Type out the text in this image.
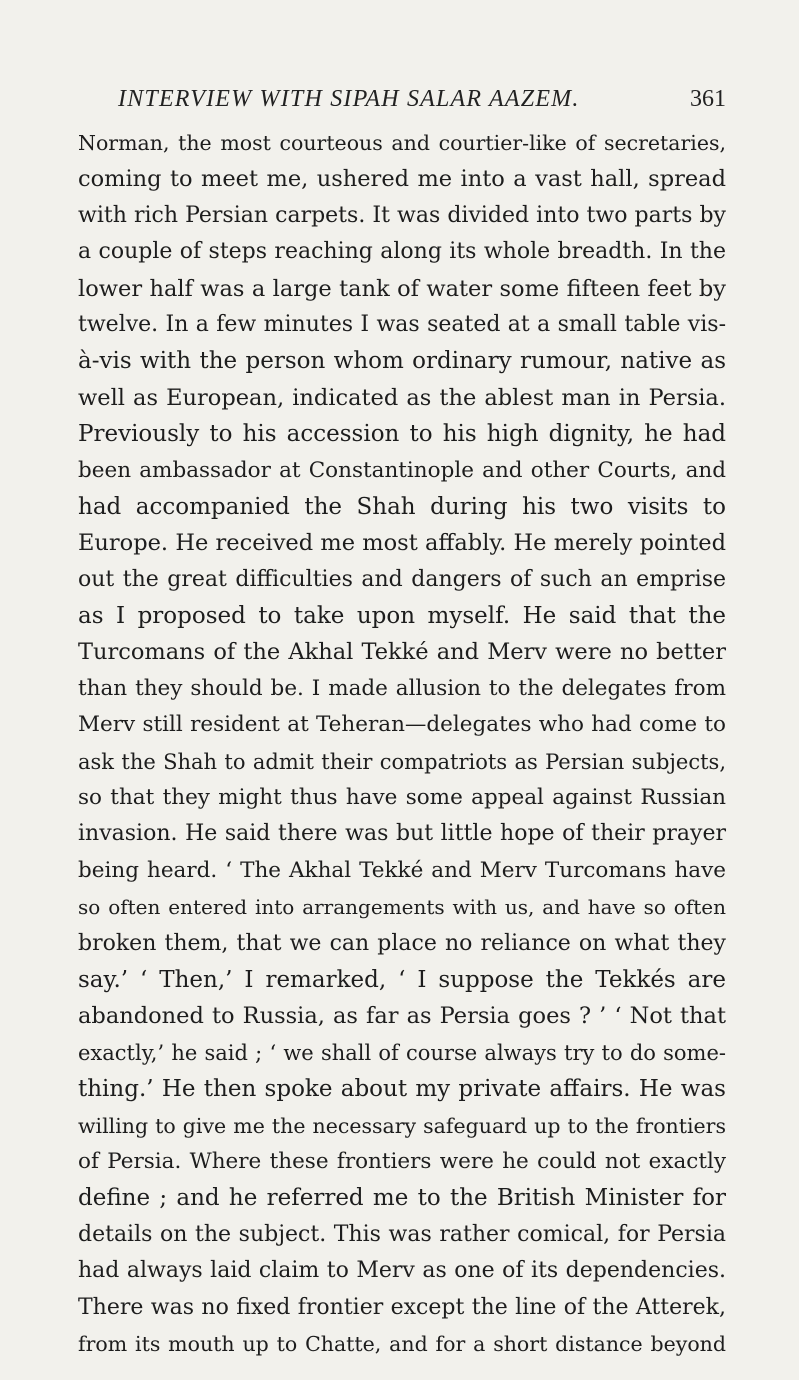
INTERVIEW WITH SIPAH SALAR AAZEM.	361
Norman, the most courteous and courtier-like of secretaries,
coming to meet me, ushered me into a vast hall, spread
with rich Persian carpets. It was divided into two parts by
a couple of steps reaching along its whole breadth. In the
lower half was a large tank of water some fifteen feet by
twelve. In a few minutes I was seated at a small table vis-
à-vis with the person whom ordinary rumour, native as
well as European, indicated as the ablest man in Persia.
Previously to his accession to his high dignity, he had
been ambassador at Constantinople and other Courts, and
had accompanied the Shah during his two visits to
Europe. He received me most affably. He merely pointed
out the great difficulties and dangers of such an emprise
as I proposed to take upon myself. He said that the
Turcomans of the Akhal Tekké and Merv were no better
than they should be. I made allusion to the delegates from
Merv still resident at Teheran—delegates who had come to
ask the Shah to admit their compatriots as Persian subjects,
so that they might thus have some appeal against Russian
invasion. He said there was but little hope of their prayer
being heard. ‘ The Akhal Tekké and Merv Turcomans have
so often entered into arrangements with us, and have so often
broken them, that we can place no reliance on what they
say.’ ‘ Then,’ I remarked, ‘ I suppose the Tekkés are
abandoned to Russia, as far as Persia goes ? ’ ‘ Not that
exactly,’ he said ; ‘ we shall of course always try to do some-
thing.’ He then spoke about my private affairs. He was
willing to give me the necessary safeguard up to the frontiers
of Persia. Where these frontiers were he could not exactly
define ; and he referred me to the British Minister for
details on the subject. This was rather comical, for Persia
had always laid claim to Merv as one of its dependencies.
There was no fixed frontier except the line of the Atterek,
from its mouth up to Chatte, and for a short distance beyond
